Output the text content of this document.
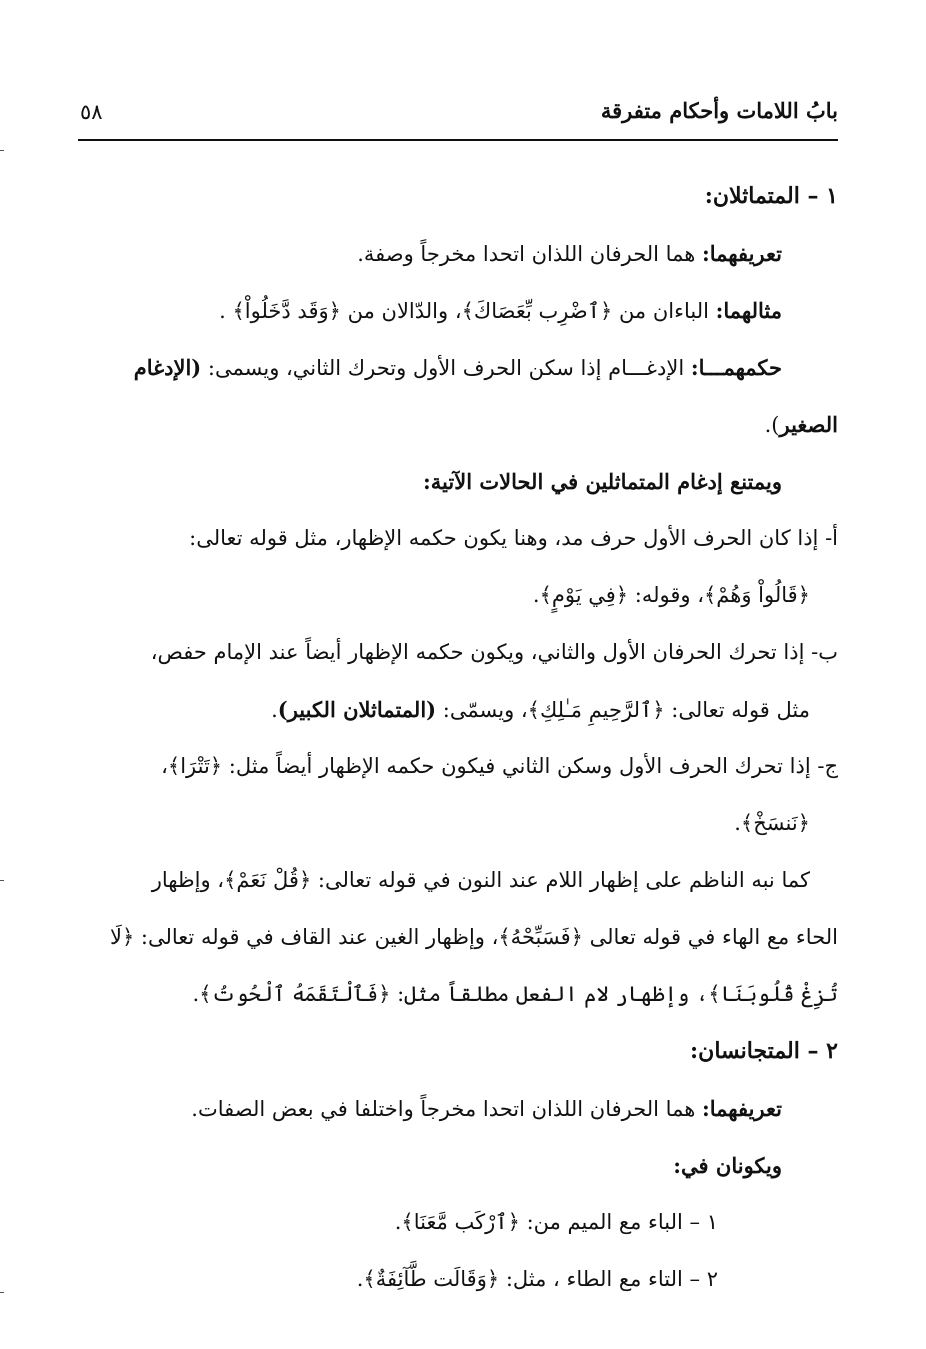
بابُ اللامات وأحكام متفرقة
٥٨
١ – المتماثلان:
تعريفهما: هما الحرفان اللذان اتحدا مخرجاً وصفة.
مثالهما: الباءان من ﴿ٱضْرِب بِّعَصَاكَ﴾، والدّالان من ﴿وَقَد دَّخَلُواْ﴾ .
حكمهمـــا: الإدغـــام إذا سكن الحرف الأول وتحرك الثاني، ويسمى: (الإدغام
الصغير).
ويمتنع إدغام المتماثلين في الحالات الآتية:
أ- إذا كان الحرف الأول حرف مد، وهنا يكون حكمه الإظهار، مثل قوله تعالى:
﴿قَالُواْ وَهُمْ﴾، وقوله: ﴿فِي يَوْمٍ﴾.
ب- إذا تحرك الحرفان الأول والثاني، ويكون حكمه الإظهار أيضاً عند الإمام حفص،
مثل قوله تعالى: ﴿ٱلرَّحِيمِ مَـٰلِكِ﴾، ويسمّى: (المتماثلان الكبير).
ج- إذا تحرك الحرف الأول وسكن الثاني فيكون حكمه الإظهار أيضاً مثل: ﴿تَتْرَا﴾،
﴿نَنسَخْ﴾.
كما نبه الناظم على إظهار اللام عند النون في قوله تعالى: ﴿قُلْ نَعَمْ﴾، وإظهار
الحاء مع الهاء في قوله تعالى ﴿فَسَبِّحْهُ﴾، وإظهار الغين عند القاف في قوله تعالى: ﴿لَا
تُزِغْ قُلُوبَنَا﴾، وإظهار لام الفعل مطلقاً مثل: ﴿فَٱلْتَقَمَهُ ٱلْحُوتُ﴾.
٢ – المتجانسان:
تعريفهما: هما الحرفان اللذان اتحدا مخرجاً واختلفا في بعض الصفات.
ويكونان في:
١ – الباء مع الميم من: ﴿ٱرْكَب مَّعَنَا﴾.
٢ – التاء مع الطاء ، مثل: ﴿وَقَالَت طَّآئِفَةٌ﴾.
